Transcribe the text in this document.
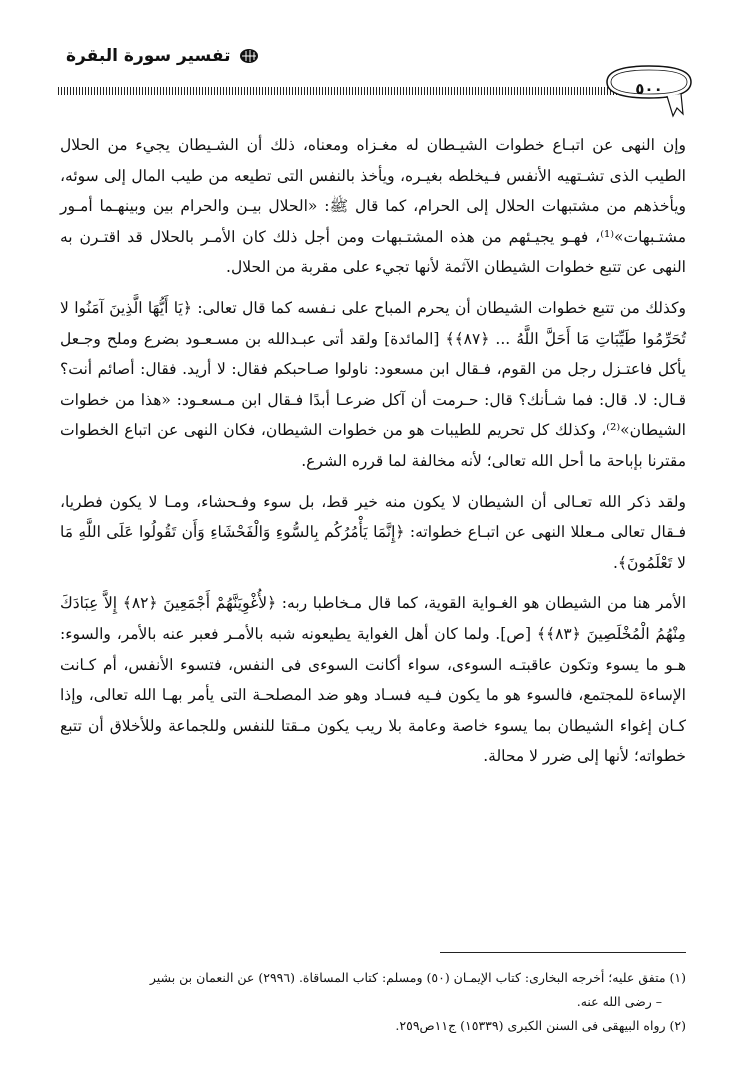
تفسير سورة البقرة
٥٠٠

وإن النهى عن اتبـاع خطوات الشيـطان له مغـزاه ومعناه، ذلك أن الشـيطان يجيء من الحلال الطيب الذى تشـتهيه الأنفس فـيخلطه بغيـره، ويأخذ بالنفس التى تطيعه من طيب المال إلى سوئه، ويأخذهم من مشتبهات الحلال إلى الحرام، كما قال ﷺ: «الحلال بيـن والحرام بين وبينهـما أمـور مشتـبهات»⁽¹⁾، فهـو يجيـئهم من هذه المشتـبهات ومن أجل ذلك كان الأمـر بالحلال قد اقتـرن به النهى عن تتبع خطوات الشيطان الآثمة لأنها تجيء على مقربة من الحلال.

وكذلك من تتبع خطوات الشيطان أن يحرم المباح على نـفسه كما قال تعالى: ﴿يَا أَيُّهَا الَّذِينَ آمَنُوا لا تُحَرِّمُوا طَيِّبَاتِ مَا أَحَلَّ اللَّهُ ... ﴿٨٧﴾﴾ [المائدة] ولقد أتى عبـدالله بن مسـعـود بضرع وملح وجـعل يأكل فاعتـزل رجل من القوم، فـقال ابن مسعود: ناولوا صـاحبكم فقال: لا أريد. فقال: أصائم أنت؟ قـال: لا. قال: فما شـأنك؟ قال: حـرمت أن آكل ضرعـا أبدًا فـقال ابن مـسعـود: «هذا من خطوات الشيطان»⁽²⁾، وكذلك كل تحريم للطيبات هو من خطوات الشيطان، فكان النهى عن اتباع الخطوات مقترنا بإباحة ما أحل الله تعالى؛ لأنه مخالفة لما قرره الشرع.

ولقد ذكر الله تعـالى أن الشيطان لا يكون منه خير قط، بل سوء وفـحشاء، ومـا لا يكون فطريا، فـقال تعالى مـعللا النهى عن اتبـاع خطواته: ﴿إِنَّمَا يَأْمُرُكُم بِالسُّوءِ وَالْفَحْشَاءِ وَأَن تَقُولُوا عَلَى اللَّهِ مَا لا تَعْلَمُونَ﴾.

الأمر هنا من الشيطان هو الغـواية القوية، كما قال مـخاطبا ربه: ﴿لأُغْوِيَنَّهُمْ أَجْمَعِينَ ﴿٨٢﴾ إِلاَّ عِبَادَكَ مِنْهُمُ الْمُخْلَصِينَ ﴿٨٣﴾﴾ [ص]. ولما كان أهل الغواية يطيعونه شبه بالأمـر فعبر عنه بالأمر، والسوء: هـو ما يسوء وتكون عاقبتـه السوءى، سواء أكانت السوءى فى النفس، فتسوء الأنفس، أم كـانت الإساءة للمجتمع، فالسوء هو ما يكون فـيه فسـاد وهو ضد المصلحـة التى يأمر بهـا الله تعالى، وإذا كـان إغواء الشيطان بما يسوء خاصة وعامة بلا ريب يكون مـقتا للنفس وللجماعة وللأخلاق أن تتبع خطواته؛ لأنها إلى ضرر لا محالة.

(١) متفق عليه؛ أخرجه البخارى: كتاب الإيمـان (٥٠) ومسلم: كتاب المساقاة. (٢٩٩٦) عن النعمان بن بشير

– رضى الله عنه.

(٢) رواه البيهقى فى السنن الكبرى (١٥٣٣٩) ج١١ص٢٥٩.
